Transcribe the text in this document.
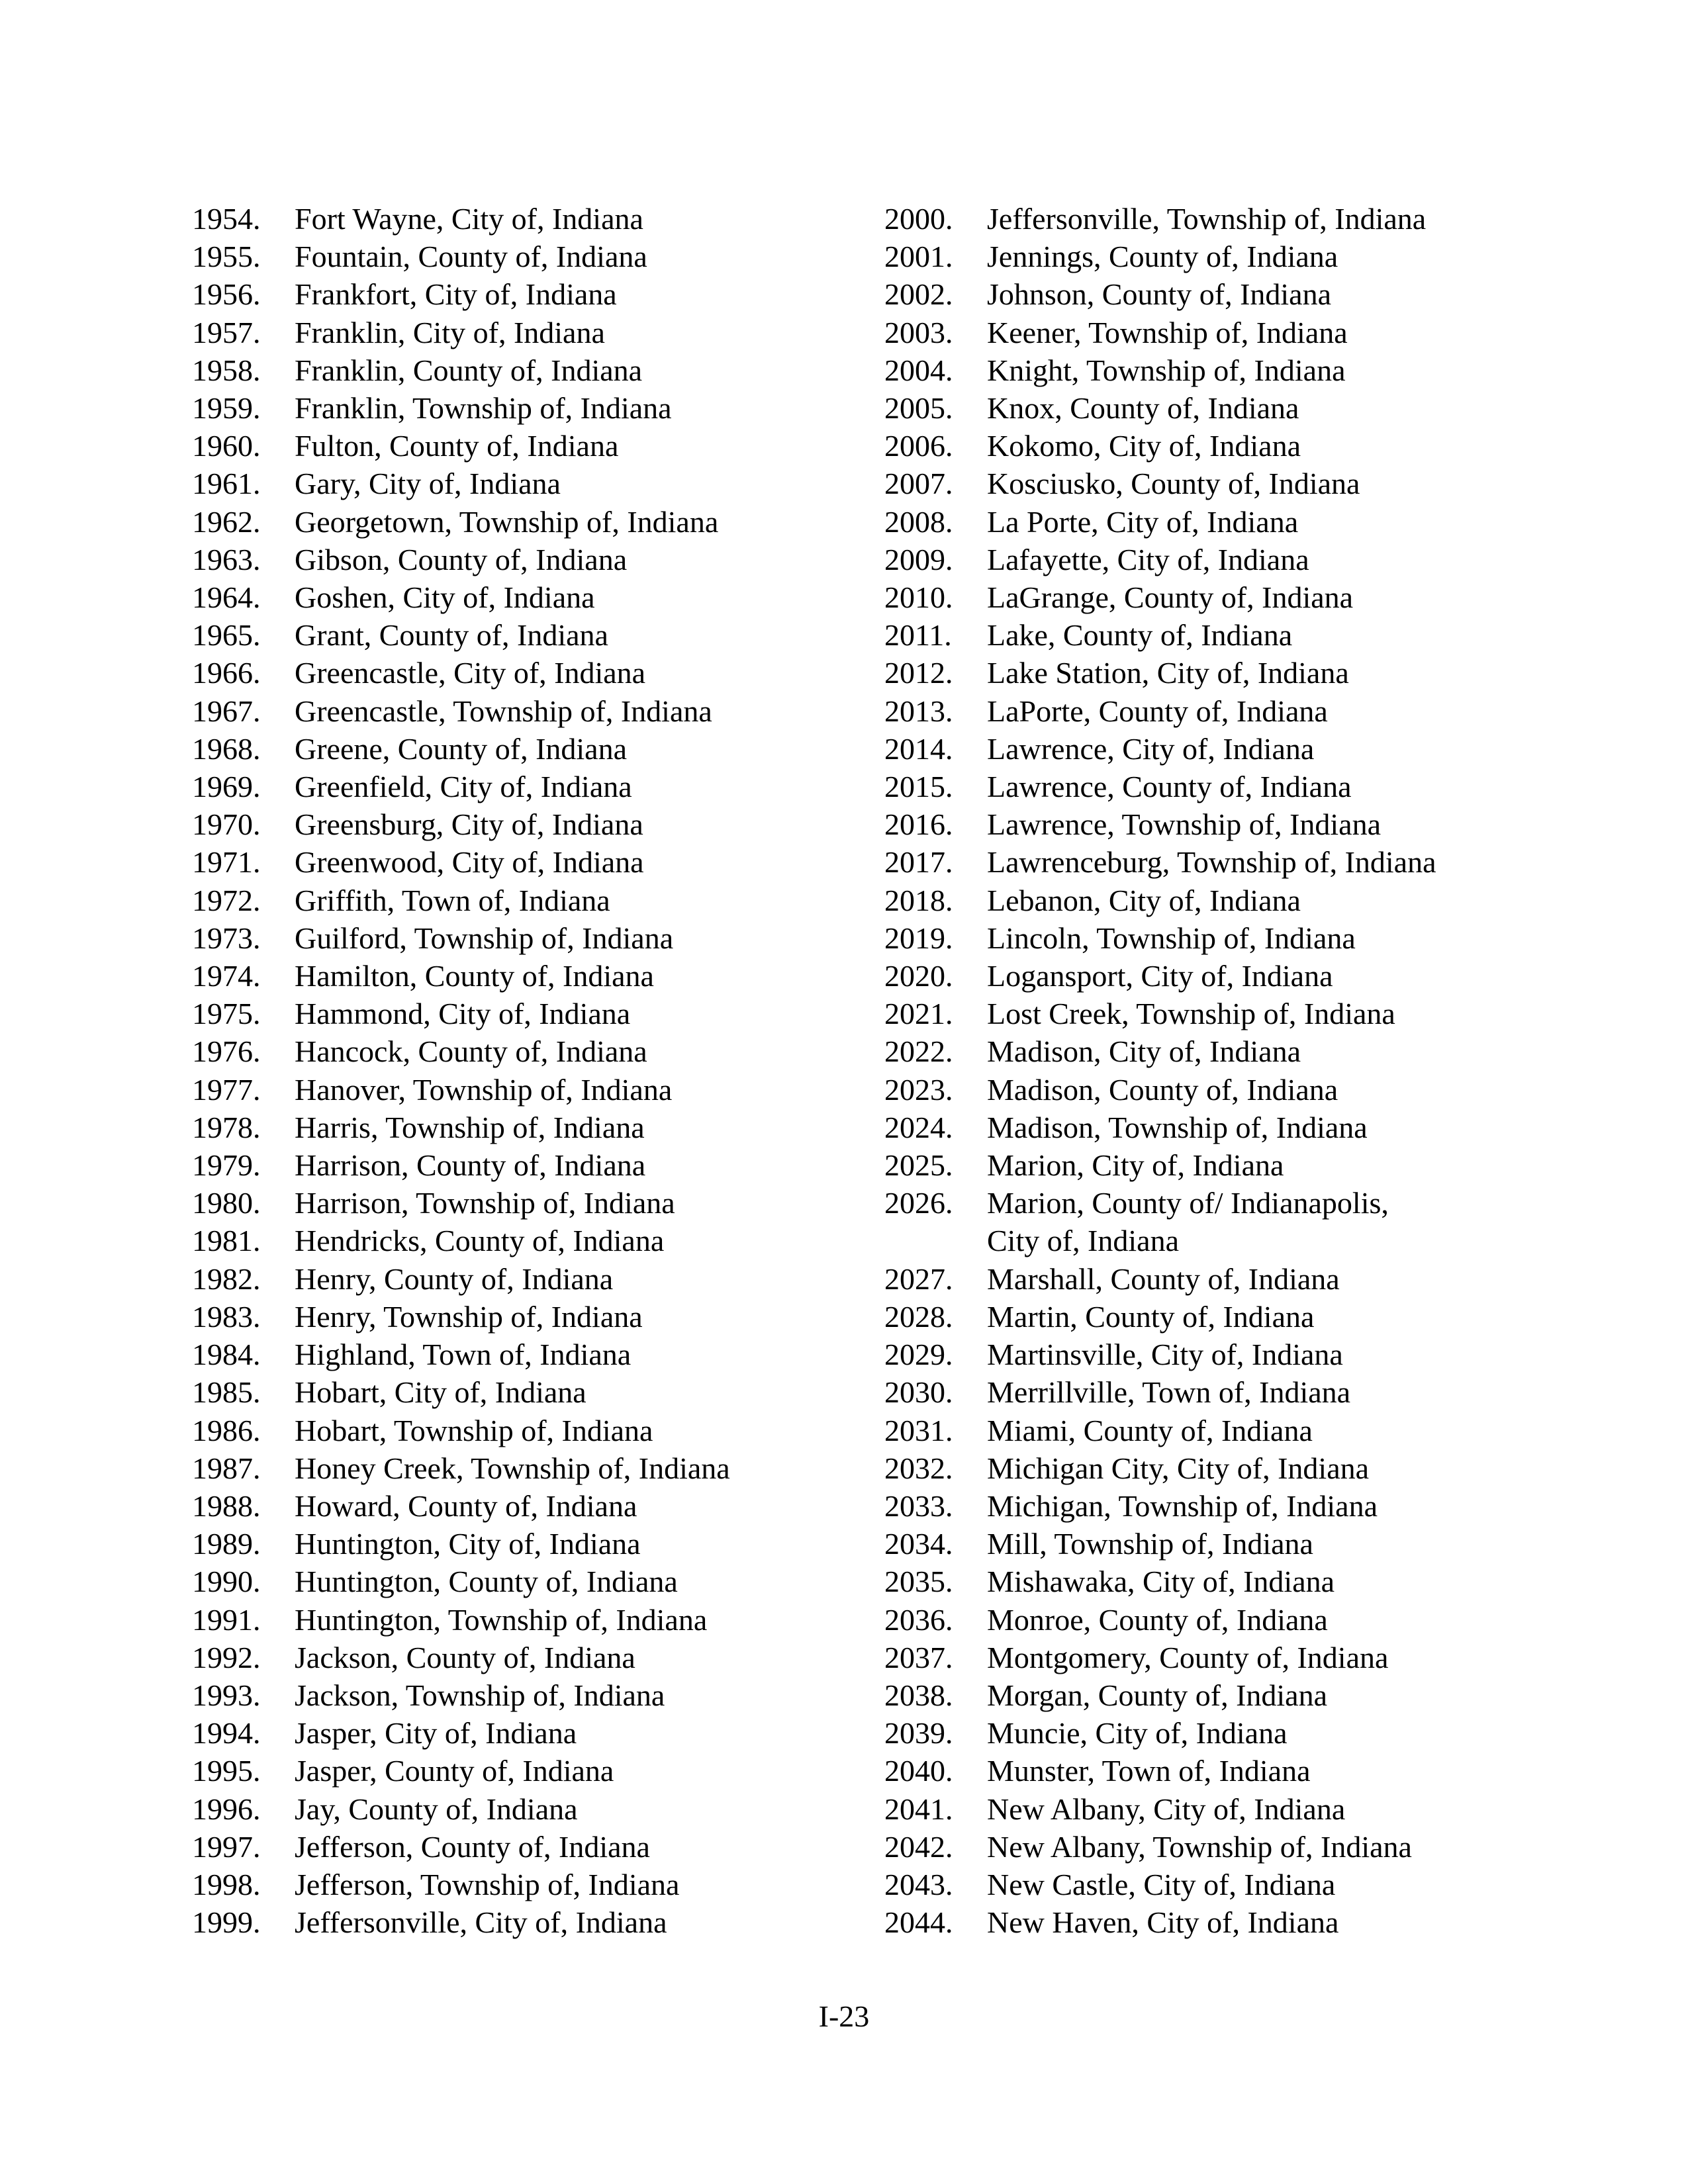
1954.	Fort Wayne, City of, Indiana
1955.	Fountain, County of, Indiana
1956.	Frankfort, City of, Indiana
1957.	Franklin, City of, Indiana
1958.	Franklin, County of, Indiana
1959.	Franklin, Township of, Indiana
1960.	Fulton, County of, Indiana
1961.	Gary, City of, Indiana
1962.	Georgetown, Township of, Indiana
1963.	Gibson, County of, Indiana
1964.	Goshen, City of, Indiana
1965.	Grant, County of, Indiana
1966.	Greencastle, City of, Indiana
1967.	Greencastle, Township of, Indiana
1968.	Greene, County of, Indiana
1969.	Greenfield, City of, Indiana
1970.	Greensburg, City of, Indiana
1971.	Greenwood, City of, Indiana
1972.	Griffith, Town of, Indiana
1973.	Guilford, Township of, Indiana
1974.	Hamilton, County of, Indiana
1975.	Hammond, City of, Indiana
1976.	Hancock, County of, Indiana
1977.	Hanover, Township of, Indiana
1978.	Harris, Township of, Indiana
1979.	Harrison, County of, Indiana
1980.	Harrison, Township of, Indiana
1981.	Hendricks, County of, Indiana
1982.	Henry, County of, Indiana
1983.	Henry, Township of, Indiana
1984.	Highland, Town of, Indiana
1985.	Hobart, City of, Indiana
1986.	Hobart, Township of, Indiana
1987.	Honey Creek, Township of, Indiana
1988.	Howard, County of, Indiana
1989.	Huntington, City of, Indiana
1990.	Huntington, County of, Indiana
1991.	Huntington, Township of, Indiana
1992.	Jackson, County of, Indiana
1993.	Jackson, Township of, Indiana
1994.	Jasper, City of, Indiana
1995.	Jasper, County of, Indiana
1996.	Jay, County of, Indiana
1997.	Jefferson, County of, Indiana
1998.	Jefferson, Township of, Indiana
1999.	Jeffersonville, City of, Indiana
2000.	Jeffersonville, Township of, Indiana
2001.	Jennings, County of, Indiana
2002.	Johnson, County of, Indiana
2003.	Keener, Township of, Indiana
2004.	Knight, Township of, Indiana
2005.	Knox, County of, Indiana
2006.	Kokomo, City of, Indiana
2007.	Kosciusko, County of, Indiana
2008.	La Porte, City of, Indiana
2009.	Lafayette, City of, Indiana
2010.	LaGrange, County of, Indiana
2011.	Lake, County of, Indiana
2012.	Lake Station, City of, Indiana
2013.	LaPorte, County of, Indiana
2014.	Lawrence, City of, Indiana
2015.	Lawrence, County of, Indiana
2016.	Lawrence, Township of, Indiana
2017.	Lawrenceburg, Township of, Indiana
2018.	Lebanon, City of, Indiana
2019.	Lincoln, Township of, Indiana
2020.	Logansport, City of, Indiana
2021.	Lost Creek, Township of, Indiana
2022.	Madison, City of, Indiana
2023.	Madison, County of, Indiana
2024.	Madison, Township of, Indiana
2025.	Marion, City of, Indiana
2026.	Marion, County of/ Indianapolis,
City of, Indiana
2027.	Marshall, County of, Indiana
2028.	Martin, County of, Indiana
2029.	Martinsville, City of, Indiana
2030.	Merrillville, Town of, Indiana
2031.	Miami, County of, Indiana
2032.	Michigan City, City of, Indiana
2033.	Michigan, Township of, Indiana
2034.	Mill, Township of, Indiana
2035.	Mishawaka, City of, Indiana
2036.	Monroe, County of, Indiana
2037.	Montgomery, County of, Indiana
2038.	Morgan, County of, Indiana
2039.	Muncie, City of, Indiana
2040.	Munster, Town of, Indiana
2041.	New Albany, City of, Indiana
2042.	New Albany, Township of, Indiana
2043.	New Castle, City of, Indiana
2044.	New Haven, City of, Indiana
I-23
